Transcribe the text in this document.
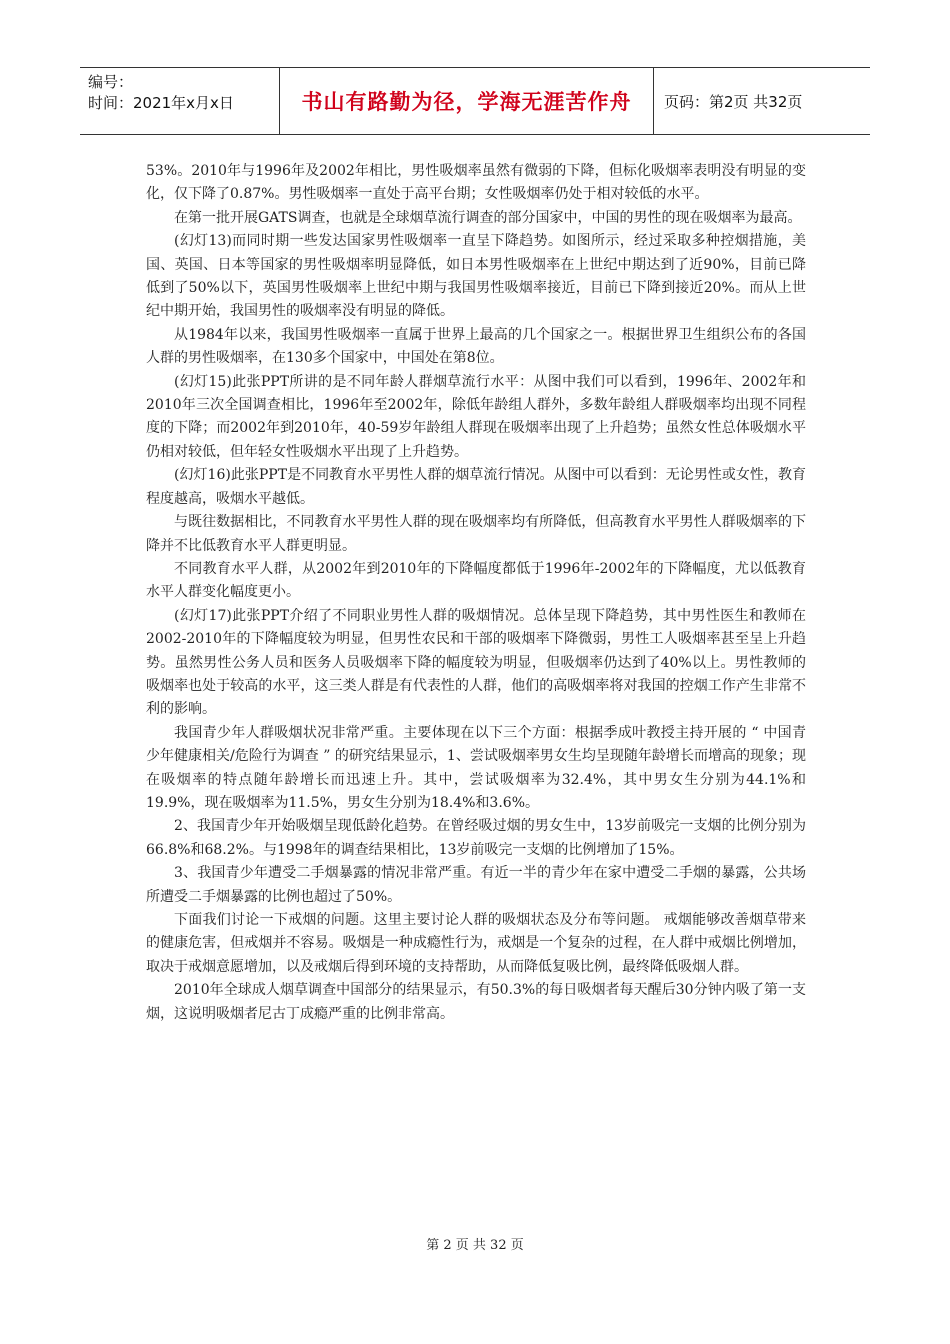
编号：
时间：2021年x月x日	书山有路勤为径，学海无涯苦作舟	页码：第2页 共32页

53%。2010年与1996年及2002年相比，男性吸烟率虽然有微弱的下降，但标化吸烟率表明没有明显的变化，仅下降了0.87%。男性吸烟率一直处于高平台期；女性吸烟率仍处于相对较低的水平。

在第一批开展GATS调查，也就是全球烟草流行调查的部分国家中，中国的男性的现在吸烟率为最高。

(幻灯13)而同时期一些发达国家男性吸烟率一直呈下降趋势。如图所示，经过采取多种控烟措施，美国、英国、日本等国家的男性吸烟率明显降低，如日本男性吸烟率在上世纪中期达到了近90%，目前已降低到了50%以下，英国男性吸烟率上世纪中期与我国男性吸烟率接近，目前已下降到接近20%。而从上世纪中期开始，我国男性的吸烟率没有明显的降低。

从1984年以来，我国男性吸烟率一直属于世界上最高的几个国家之一。根据世界卫生组织公布的各国人群的男性吸烟率，在130多个国家中，中国处在第8位。

(幻灯15)此张PPT所讲的是不同年龄人群烟草流行水平：从图中我们可以看到，1996年、2002年和2010年三次全国调查相比，1996年至2002年，除低年龄组人群外，多数年龄组人群吸烟率均出现不同程度的下降；而2002年到2010年，40-59岁年龄组人群现在吸烟率出现了上升趋势；虽然女性总体吸烟水平仍相对较低，但年轻女性吸烟水平出现了上升趋势。

(幻灯16)此张PPT是不同教育水平男性人群的烟草流行情况。从图中可以看到：无论男性或女性，教育程度越高，吸烟水平越低。

与既往数据相比，不同教育水平男性人群的现在吸烟率均有所降低，但高教育水平男性人群吸烟率的下降并不比低教育水平人群更明显。

不同教育水平人群，从2002年到2010年的下降幅度都低于1996年-2002年的下降幅度，尤以低教育水平人群变化幅度更小。

(幻灯17)此张PPT介绍了不同职业男性人群的吸烟情况。总体呈现下降趋势，其中男性医生和教师在2002-2010年的下降幅度较为明显，但男性农民和干部的吸烟率下降微弱，男性工人吸烟率甚至呈上升趋势。虽然男性公务人员和医务人员吸烟率下降的幅度较为明显，但吸烟率仍达到了40%以上。男性教师的吸烟率也处于较高的水平，这三类人群是有代表性的人群，他们的高吸烟率将对我国的控烟工作产生非常不利的影响。

我国青少年人群吸烟状况非常严重。主要体现在以下三个方面：根据季成叶教授主持开展的 “ 中国青少年健康相关/危险行为调查 ” 的研究结果显示，1、尝试吸烟率男女生均呈现随年龄增长而增高的现象；现在吸烟率的特点随年龄增长而迅速上升。其中，尝试吸烟率为32.4%，其中男女生分别为44.1%和19.9%，现在吸烟率为11.5%，男女生分别为18.4%和3.6%。

2、我国青少年开始吸烟呈现低龄化趋势。在曾经吸过烟的男女生中，13岁前吸完一支烟的比例分别为66.8%和68.2%。与1998年的调查结果相比，13岁前吸完一支烟的比例增加了15%。

3、我国青少年遭受二手烟暴露的情况非常严重。有近一半的青少年在家中遭受二手烟的暴露，公共场所遭受二手烟暴露的比例也超过了50%。

下面我们讨论一下戒烟的问题。这里主要讨论人群的吸烟状态及分布等问题。 戒烟能够改善烟草带来的健康危害，但戒烟并不容易。吸烟是一种成瘾性行为，戒烟是一个复杂的过程，在人群中戒烟比例增加，取决于戒烟意愿增加，以及戒烟后得到环境的支持帮助，从而降低复吸比例，最终降低吸烟人群。

2010年全球成人烟草调查中国部分的结果显示，有50.3%的每日吸烟者每天醒后30分钟内吸了第一支烟，这说明吸烟者尼古丁成瘾严重的比例非常高。

第 2 页 共 32 页
